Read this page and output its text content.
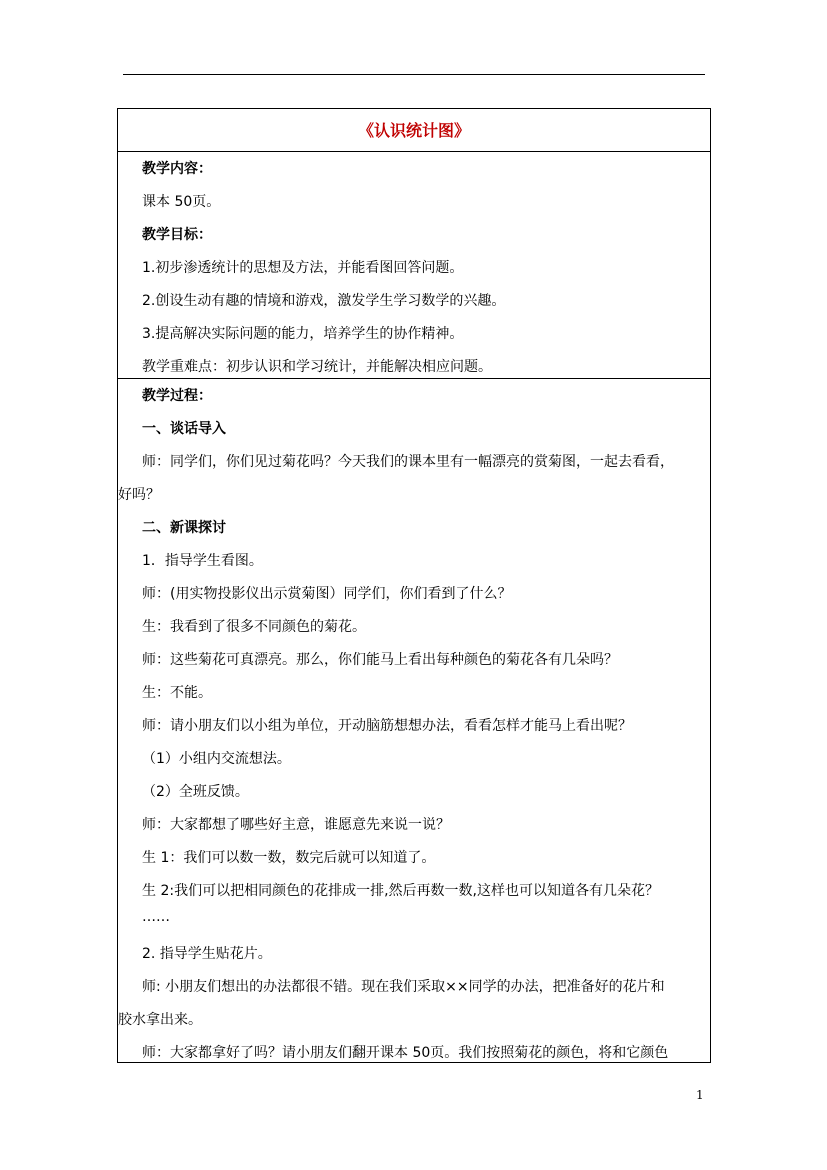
《认识统计图》

教学内容：

课本 50页。

教学目标：

1.初步渗透统计的思想及方法，并能看图回答问题。

2.创设生动有趣的情境和游戏，激发学生学习数学的兴趣。

3.提高解决实际问题的能力，培养学生的协作精神。

教学重难点：初步认识和学习统计，并能解决相应问题。

教学过程：

一、谈话导入

师：同学们，你们见过菊花吗？今天我们的课本里有一幅漂亮的赏菊图，一起去看看，

好吗？

二、新课探讨

1．指导学生看图。

师：(用实物投影仪出示赏菊图）同学们，你们看到了什么？

生：我看到了很多不同颜色的菊花。

师：这些菊花可真漂亮。那么，你们能马上看出每种颜色的菊花各有几朵吗？

生：不能。

师：请小朋友们以小组为单位，开动脑筋想想办法，看看怎样才能马上看出呢？

（1）小组内交流想法。

（2）全班反馈。

师：大家都想了哪些好主意，谁愿意先来说一说？

生 1：我们可以数一数，数完后就可以知道了。

生 2:我们可以把相同颜色的花排成一排,然后再数一数,这样也可以知道各有几朵花？

……

2. 指导学生贴花片。

师: 小朋友们想出的办法都很不错。现在我们采取××同学的办法，把准备好的花片和

胶水拿出来。

师：大家都拿好了吗？请小朋友们翻开课本 50页。我们按照菊花的颜色，将和它颜色

1
